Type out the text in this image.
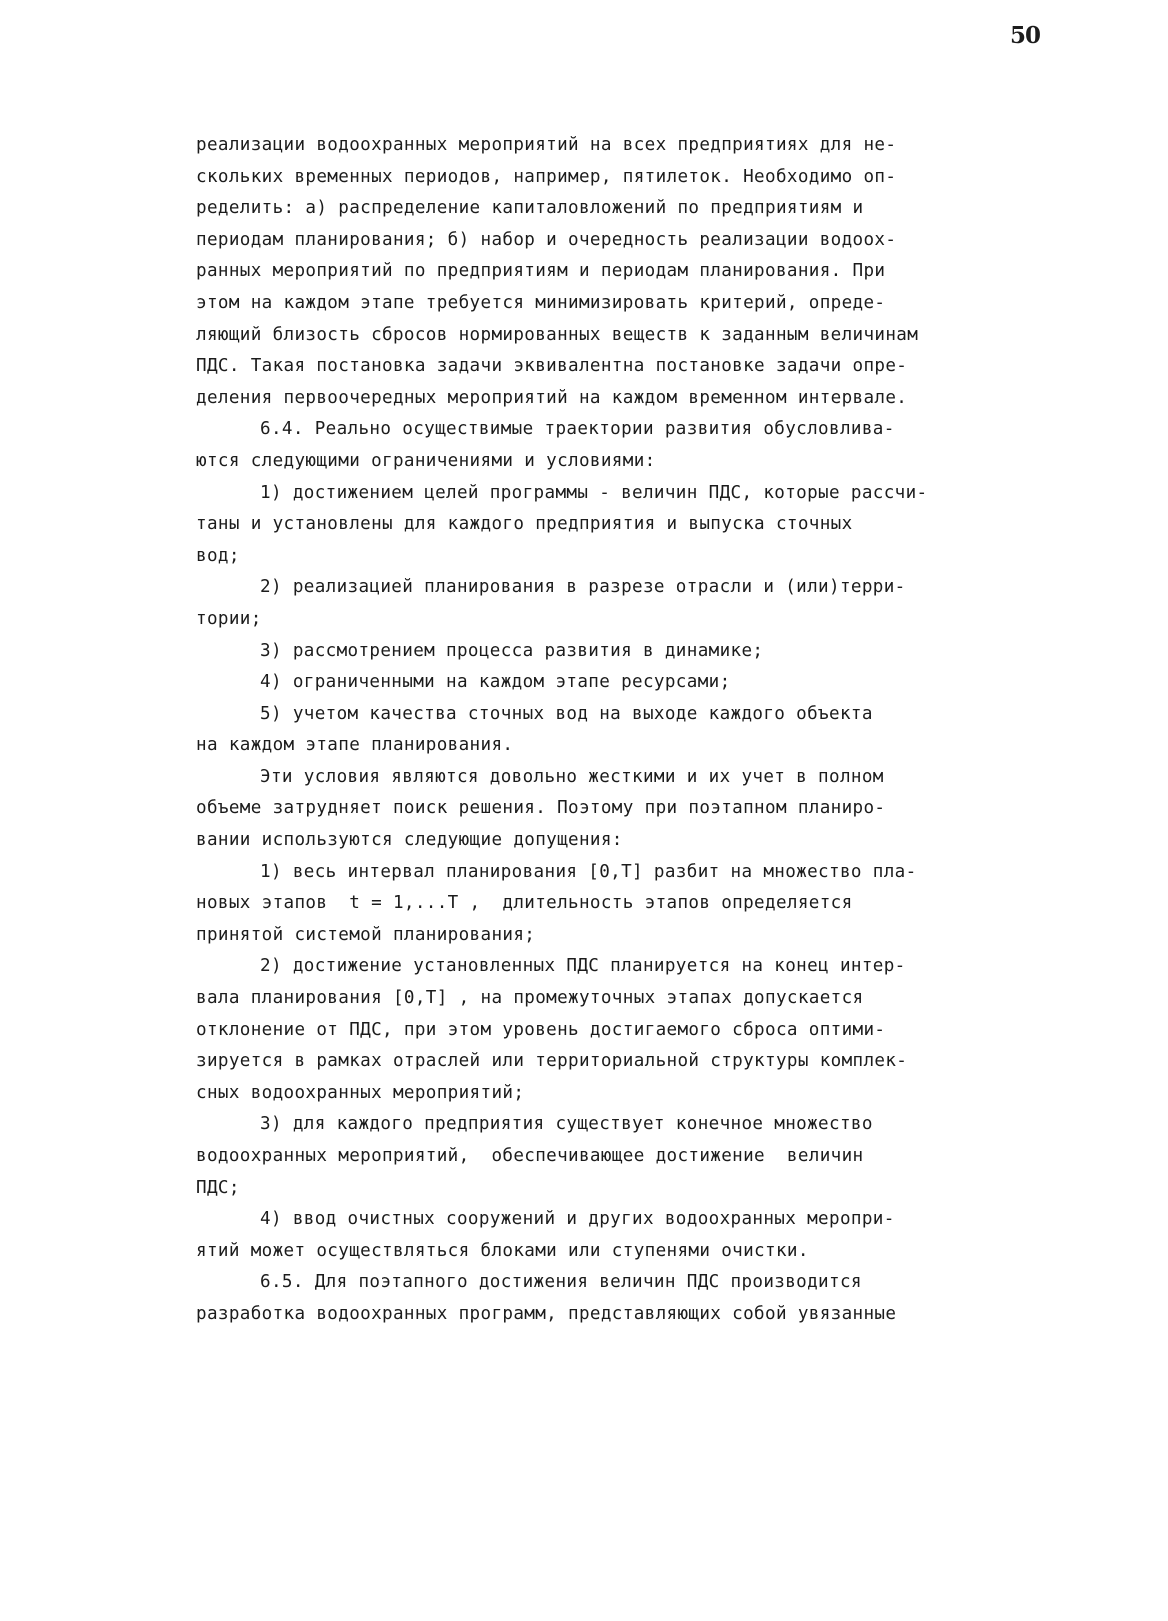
50
реализации водоохранных мероприятий на всех предприятиях для не-
скольких временных периодов, например, пятилеток. Необходимо оп-
ределить: а) распределение капиталовложений по предприятиям и
периодам планирования; б) набор и очередность реализации водоох-
ранных мероприятий по предприятиям и периодам планирования. При
этом на каждом этапе требуется минимизировать критерий, опреде-
ляющий близость сбросов нормированных веществ к заданным величинам
ПДС. Такая постановка задачи эквивалентна постановке задачи опре-
деления первоочередных мероприятий на каждом временном интервале.
6.4. Реально осуществимые траектории развития обусловлива-
ются следующими ограничениями и условиями:
1) достижением целей программы - величин ПДС, которые рассчи-
таны и установлены для каждого предприятия и выпуска сточных
вод;
2) реализацией планирования в разрезе отрасли и (или)терри-
тории;
3) рассмотрением процесса развития в динамике;
4) ограниченными на каждом этапе ресурсами;
5) учетом качества сточных вод на выходе каждого объекта
на каждом этапе планирования.
Эти условия являются довольно жесткими и их учет в полном
объеме затрудняет поиск решения. Поэтому при поэтапном планиро-
вании используются следующие допущения:
1) весь интервал планирования [0,T] разбит на множество пла-
новых этапов  t = 1,...T ,  длительность этапов определяется
принятой системой планирования;
2) достижение установленных ПДС планируется на конец интер-
вала планирования [0,T] , на промежуточных этапах допускается
отклонение от ПДС, при этом уровень достигаемого сброса оптими-
зируется в рамках отраслей или территориальной структуры комплек-
сных водоохранных мероприятий;
3) для каждого предприятия существует конечное множество
водоохранных мероприятий,  обеспечивающее достижение  величин
ПДС;
4) ввод очистных сооружений и других водоохранных меропри-
ятий может осуществляться блоками или ступенями очистки.
6.5. Для поэтапного достижения величин ПДС производится
разработка водоохранных программ, представляющих собой увязанные
